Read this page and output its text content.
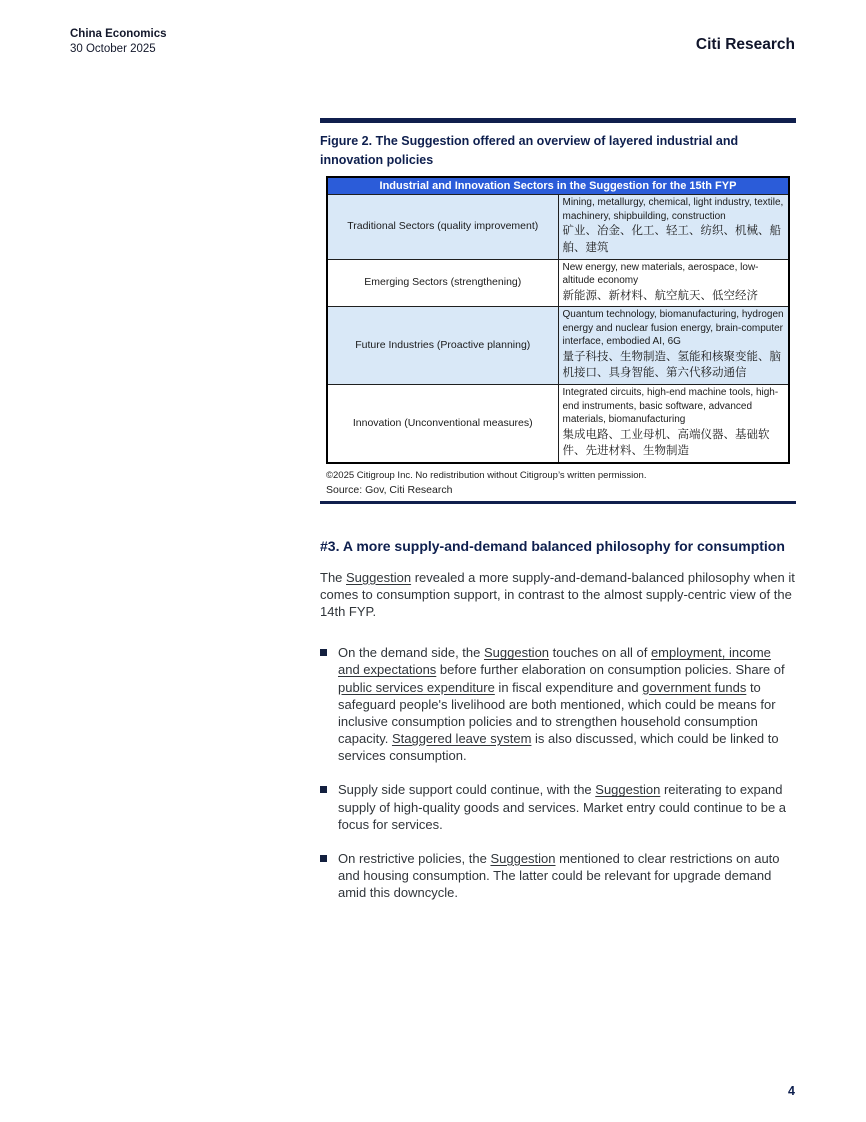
China Economics
30 October 2025	Citi Research
Figure 2. The Suggestion offered an overview of layered industrial and innovation policies
Industrial and Innovation Sectors in the Suggestion for the 15th FYP	
Traditional Sectors (quality improvement)	Mining, metallurgy, chemical, light industry, textile, machinery, shipbuilding, construction
矿业、冶金、化工、轻工、纺织、机械、船舶、建筑

Emerging Sectors (strengthening)	New energy, new materials, aerospace, low-altitude economy
新能源、新材料、航空航天、低空经济

Future Industries (Proactive planning)	Quantum technology, biomanufacturing, hydrogen energy and nuclear fusion energy, brain-computer interface, embodied AI, 6G
量子科技、生物制造、氢能和核聚变能、脑机接口、具身智能、第六代移动通信

Innovation (Unconventional measures)	Integrated circuits, high-end machine tools, high-end instruments, basic software, advanced materials, biomanufacturing
集成电路、工业母机、高端仪器、基础软件、先进材料、生物制造
©2025 Citigroup Inc. No redistribution without Citigroup’s written permission.
Source: Gov, Citi Research
#3. A more supply-and-demand balanced philosophy for consumption
The Suggestion revealed a more supply-and-demand-balanced philosophy when it comes to consumption support, in contrast to the almost supply-centric view of the 14th FYP.
On the demand side, the Suggestion touches on all of employment, income and expectations before further elaboration on consumption policies. Share of public services expenditure in fiscal expenditure and government funds to safeguard people's livelihood are both mentioned, which could be means for inclusive consumption policies and to strengthen household consumption capacity. Staggered leave system is also discussed, which could be linked to services consumption.
Supply side support could continue, with the Suggestion reiterating to expand supply of high-quality goods and services. Market entry could continue to be a focus for services.
On restrictive policies, the Suggestion mentioned to clear restrictions on auto and housing consumption. The latter could be relevant for upgrade demand amid this downcycle.
4
